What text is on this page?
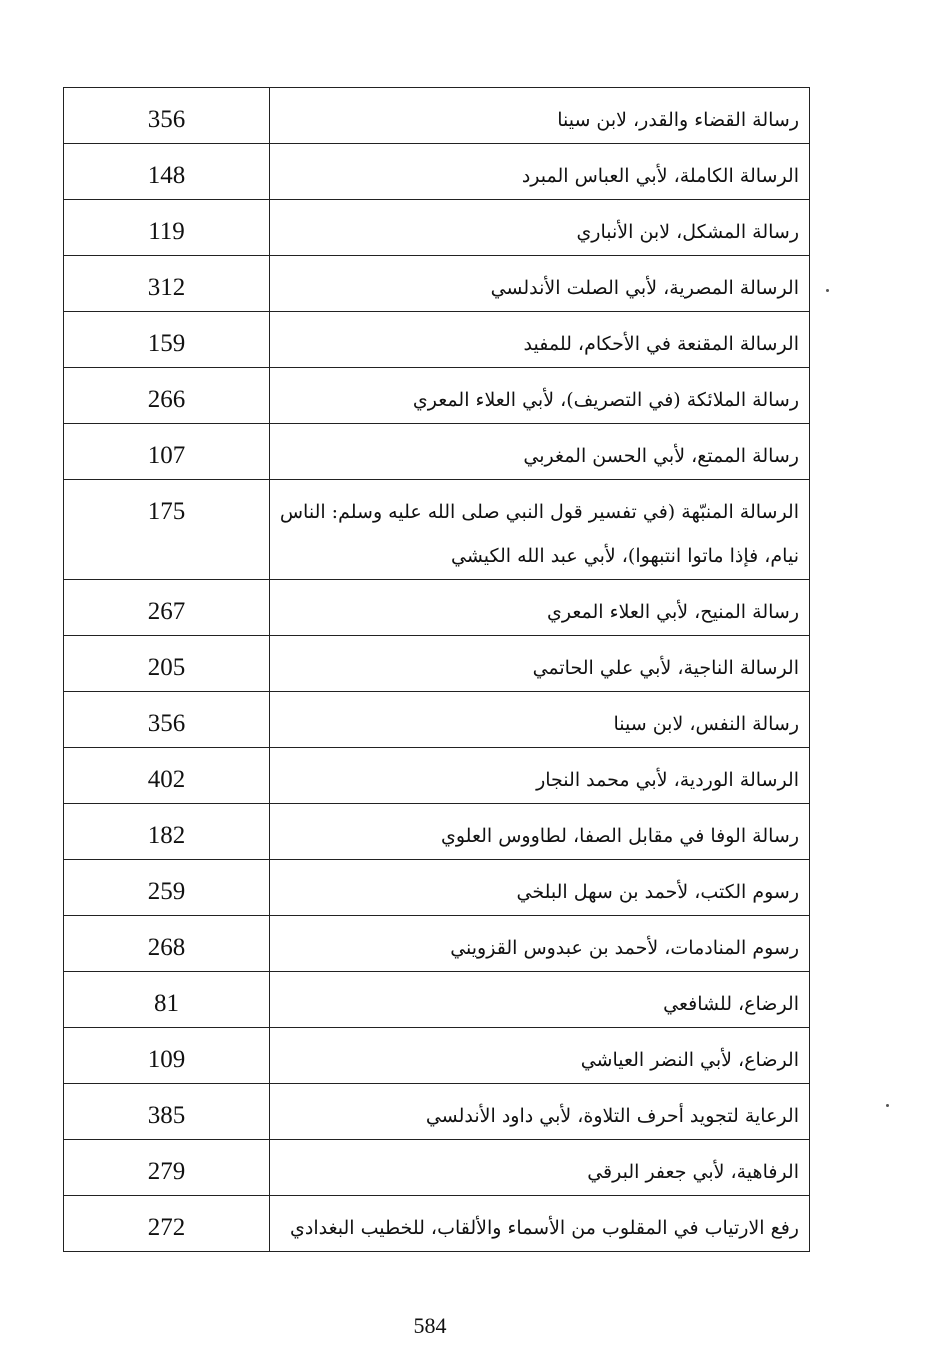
356	رسالة القضاء والقدر، لابن سينا
148	الرسالة الكاملة، لأبي العباس المبرد
119	رسالة المشكل، لابن الأنباري
312	الرسالة المصرية، لأبي الصلت الأندلسي
159	الرسالة المقنعة في الأحكام، للمفيد
266	رسالة الملائكة (في التصريف)، لأبي العلاء المعري
107	رسالة الممتع، لأبي الحسن المغربي
175	الرسالة المنبّهة (في تفسير قول النبي صلى الله عليه وسلم: الناس نيام، فإذا ماتوا انتبهوا)، لأبي عبد الله الكيشي
267	رسالة المنيح، لأبي العلاء المعري
205	الرسالة الناجية، لأبي علي الحاتمي
356	رسالة النفس، لابن سينا
402	الرسالة الوردية، لأبي محمد النجار
182	رسالة الوفا في مقابل الصفا، لطاووس العلوي
259	رسوم الكتب، لأحمد بن سهل البلخي
268	رسوم المنادمات، لأحمد بن عبدوس القزويني
81	الرضاع، للشافعي
109	الرضاع، لأبي النضر العياشي
385	الرعاية لتجويد أحرف التلاوة، لأبي داود الأندلسي
279	الرفاهية، لأبي جعفر البرقي
272	رفع الارتياب في المقلوب من الأسماء والألقاب، للخطيب البغدادي
584
